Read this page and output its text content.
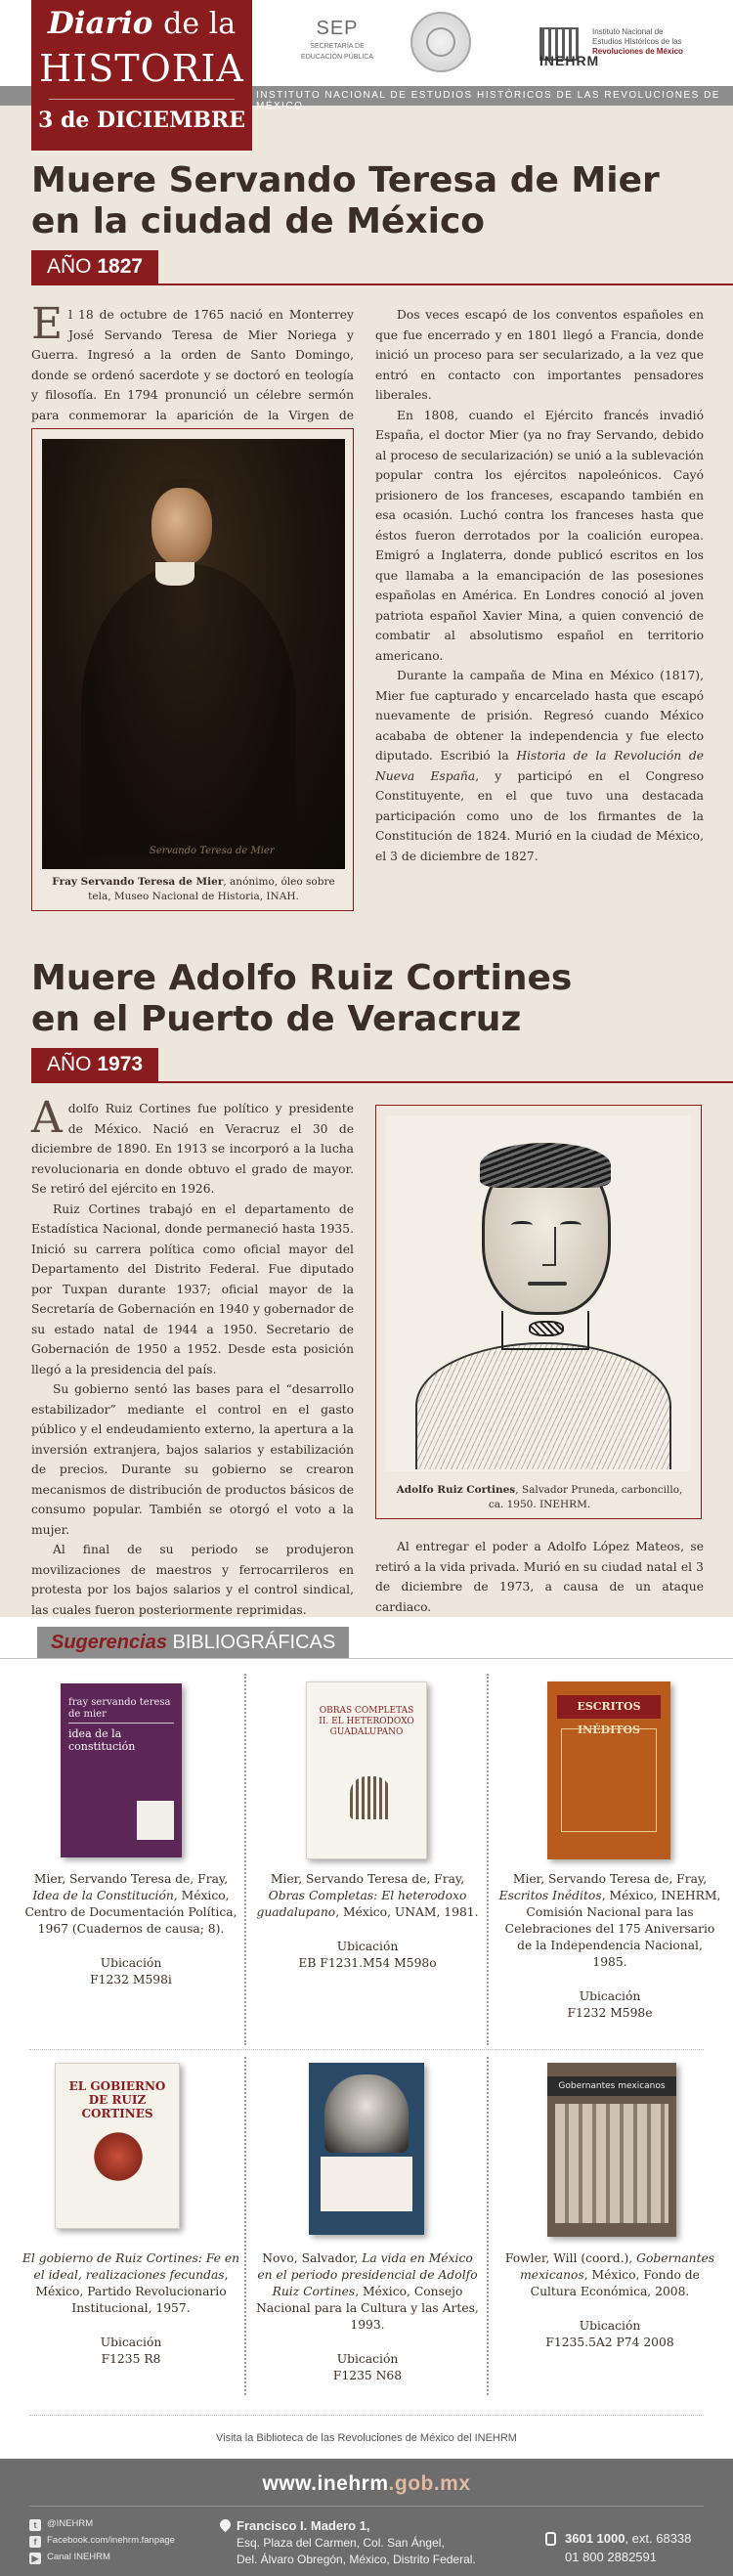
SEP
SECRETARÍA DE
EDUCACIÓN PÚBLICA	INEHRM
Instituto Nacional de
Estudios Históricos de las
Revoluciones de México
INSTITUTO NACIONAL DE ESTUDIOS HISTÓRICOS DE LAS REVOLUCIONES DE MÉXICO
Diario de la
HISTORIA
3 de DICIEMBRE
Muere Servando Teresa de Mier
en la ciudad de México
AÑO 1827

El 18 de octubre de 1765 nació en Monterrey José Servando Teresa de Mier Noriega y Guerra. Ingresó a la orden de Santo Domingo, donde se ordenó sacerdote y se doctoró en teología y filosofía. En 1794 pronunció un célebre sermón para conmemorar la aparición de la Virgen de

Dos veces escapó de los conventos españoles en que fue encerrado y en 1801 llegó a Francia, donde inició un proceso para ser secularizado, a la vez que entró en contacto con importantes pensadores liberales.

En 1808, cuando el Ejército francés invadió España, el doctor Mier (ya no fray Servando, debido al proceso de secularización) se unió a la sublevación popular contra los ejércitos napoleónicos. Cayó prisionero de los franceses, escapando también en esa ocasión. Luchó contra los franceses hasta que éstos fueron derrotados por la coalición europea. Emigró a Inglaterra, donde publicó escritos en los que llamaba a la emancipación de las posesiones españolas en América. En Londres conoció al joven patriota español Xavier Mina, a quien convenció de combatir al absolutismo español en territorio americano.

Durante la campaña de Mina en México (1817), Mier fue capturado y encarcelado hasta que escapó nuevamente de prisión. Regresó cuando México acababa de obtener la independencia y fue electo diputado. Escribió la Historia de la Revolución de Nueva España, y participó en el Congreso Constituyente, en el que tuvo una destacada participación como uno de los firmantes de la Constitución de 1824. Murió en la ciudad de México, el 3 de diciembre de 1827.

Servando Teresa de Mier
Fray Servando Teresa de Mier, anónimo, óleo sobre tela, Museo Nacional de Historia, INAH.
Muere Adolfo Ruiz Cortines
en el Puerto de Veracruz
AÑO 1973

Adolfo Ruiz Cortines fue político y presidente de México. Nació en Veracruz el 30 de diciembre de 1890. En 1913 se incorporó a la lucha revolucionaria en donde obtuvo el grado de mayor. Se retiró del ejército en 1926.

Ruiz Cortines trabajó en el departamento de Estadística Nacional, donde permaneció hasta 1935. Inició su carrera política como oficial mayor del Departamento del Distrito Federal. Fue diputado por Tuxpan durante 1937; oficial mayor de la Secretaría de Gobernación en 1940 y gobernador de su estado natal de 1944 a 1950. Secretario de Gobernación de 1950 a 1952. Desde esta posición llegó a la presidencia del país.

Su gobierno sentó las bases para el “desarrollo estabilizador” mediante el control en el gasto público y el endeudamiento externo, la apertura a la inversión extranjera, bajos salarios y estabilización de precios. Durante su gobierno se crearon mecanismos de distribución de productos básicos de consumo popular. También se otorgó el voto a la mujer.

Al final de su periodo se produjeron movilizaciones de maestros y ferrocarrileros en protesta por los bajos salarios y el control sindical, las cuales fueron posteriormente reprimidas.

Adolfo Ruiz Cortines, Salvador Pruneda, carboncillo, ca. 1950. INEHRM.

Al entregar el poder a Adolfo López Mateos, se retiró a la vida privada. Murió en su ciudad natal el 3 de diciembre de 1973, a causa de un ataque cardiaco.

Sugerencias BIBLIOGRÁFICAS
fray servando teresa de mier
idea de la constitución
OBRAS COMPLETAS II. EL HETERODOXO GUADALUPANO
ESCRITOS INÉDITOS
Mier, Servando Teresa de, Fray, Idea de la Constitución, México, Centro de Documentación Política, 1967 (Cuadernos de causa; 8).
Ubicación
F1232 M598i
Mier, Servando Teresa de, Fray, Obras Completas: El heterodoxo guadalupano, México, UNAM, 1981.
Ubicación
EB F1231.M54 M598o
Mier, Servando Teresa de, Fray, Escritos Inéditos, México, INEHRM, Comisión Nacional para las Celebraciones del 175 Aniversario de la Independencia Nacional, 1985.
Ubicación
F1232 M598e
EL GOBIERNO DE RUIZ CORTINES
Gobernantes mexicanos
El gobierno de Ruiz Cortines: Fe en el ideal, realizaciones fecundas, México, Partido Revolucionario Institucional, 1957.
Ubicación
F1235 R8
Novo, Salvador, La vida en México en el periodo presidencial de Adolfo Ruiz Cortines, México, Consejo Nacional para la Cultura y las Artes, 1993.
Ubicación
F1235 N68
Fowler, Will (coord.), Gobernantes mexicanos, México, Fondo de Cultura Económica, 2008.
Ubicación
F1235.5A2 P74 2008
Visita la Biblioteca de las Revoluciones de México del INEHRM
www.inehrm.gob.mx
t @INEHRM
f Facebook.com/inehrm.fanpage
▶ Canal INEHRM
Francisco I. Madero 1,
Esq. Plaza del Carmen, Col. San Ángel,
Del. Álvaro Obregón, México, Distrito Federal.
3601 1000, ext. 68338
01 800 2882591
